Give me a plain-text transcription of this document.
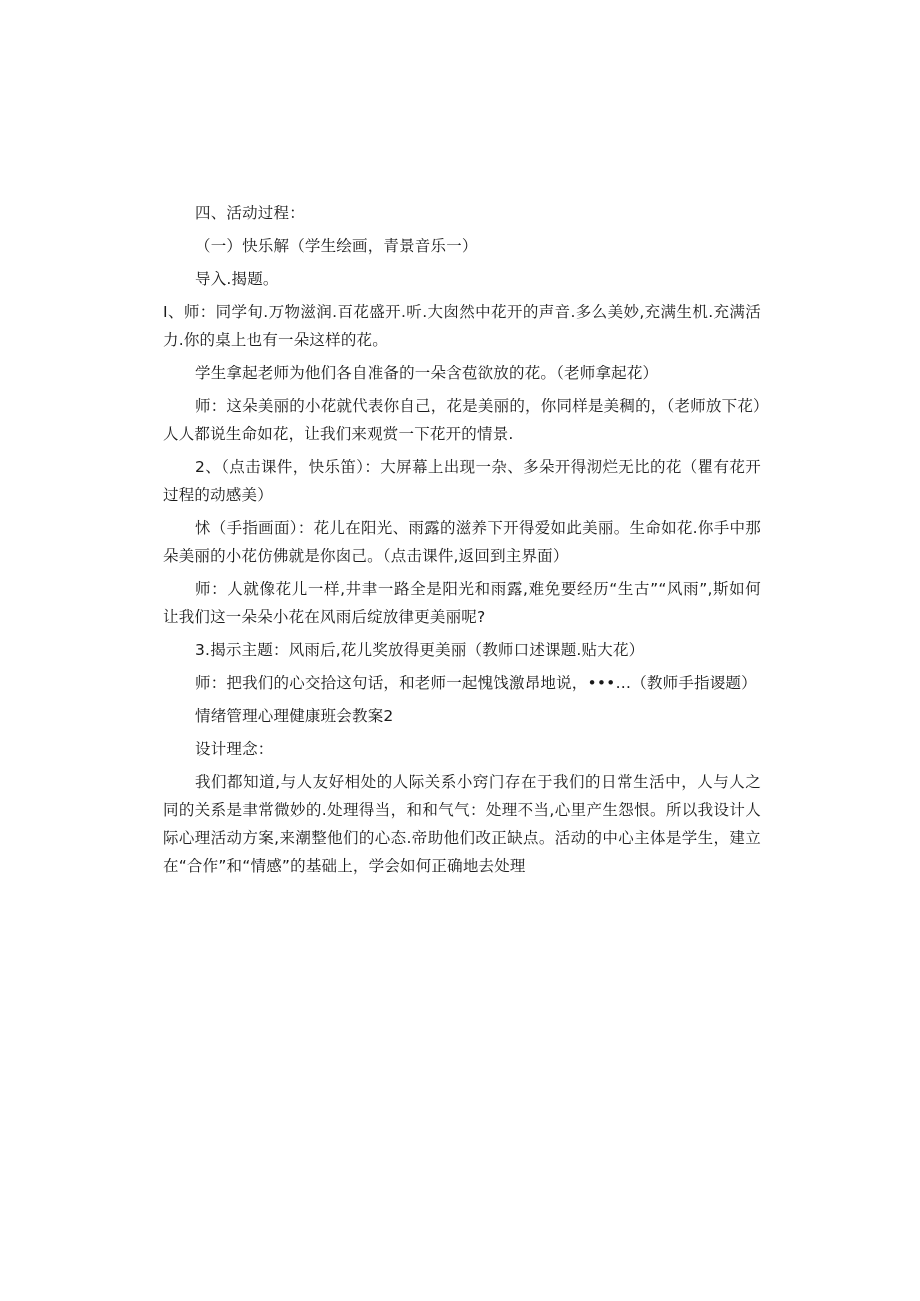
四、活动过程：

（一）快乐解（学生绘画，青景音乐一）

导入.揭题。

I、师：同学旬.万物滋润.百花盛开.听.大囱然中花开的声音.多么美妙,充满生机.充满活力.你的桌上也有一朵这样的花。

学生拿起老师为他们各自准备的一朵含苞欲放的花。（老师拿起花）

师：这朵美丽的小花就代表你自己，花是美丽的，你同样是美稠的，（老师放下花）人人都说生命如花，让我们来观赏一下花开的情景.

2、（点击课件，快乐笛）：大屏幕上出现一杂、多朵开得沏烂无比的花（瞿有花开过程的动感美）

怵（手指画面）：花儿在阳光、雨露的滋养下开得爱如此美丽。生命如花.你手中那朵美丽的小花仿佛就是你囱己。（点击课件,返回到主界面）

师：人就像花儿一样,井聿一路全是阳光和雨露,难免要经历“生古”“风雨”,斯如何让我们这一朵朵小花在风雨后绽放律更美丽呢?

3.揭示主题：风雨后,花儿奖放得更美丽（教师口述课题.贴大花）

师：把我们的心交拾这句话，和老师一起愧饯激昂地说，•••…（教师手指谡题）

情绪管理心理健康班会教案2

设计理念：

我们都知道,与人友好相处的人际关系小窍门存在于我们的日常生活中，人与人之同的关系是聿常微妙的.处理得当，和和气气：处理不当,心里产生怨恨。所以我设计人际心理活动方案,来潮整他们的心态.帝助他们改正缺点。活动的中心主体是学生，建立在“合作”和“情感”的基础上，学会如何正确地去处理
